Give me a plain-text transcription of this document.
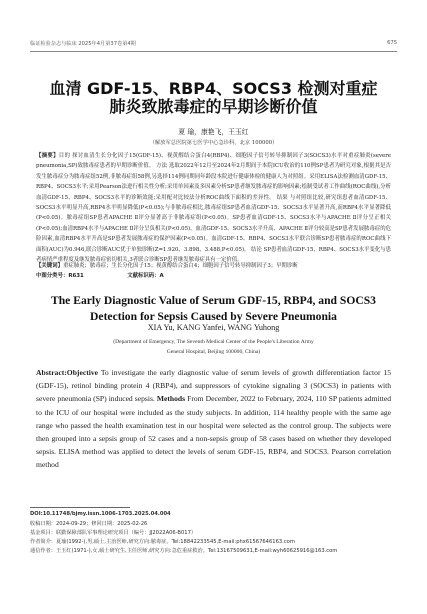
临证检验杂志与临床 2025年4月第37卷第4期	675
血清 GDF-15、RBP4、SOCS3 检测对重症
肺炎致脓毒症的早期诊断价值
夏 瑜，康艳飞，王玉红
（解放军总医院第七医学中心急诊科，北京 100000）
【摘要】目的 探讨血清生长分化因子15(GDF-15)、视黄醇结合蛋白4(RBP4)、细胞因子信号转导抑制因子3(SOCS3)水平对重症肺炎(severe pneumonia,SP)致脓毒症患者的早期诊断价值。 方法 选取2022年12月至2024年2月期间于本院ICU收治的110例SP患者为研究对象,根据其是否发生脓毒症分为脓毒症组52例,非脓毒症组58例,另选择114例同期同年龄段本院进行健康体检的健康人为对照组。采用ELISA法检测血清GDF-15、RBP4、SOCS3水平;采用Pearson法进行相关性分析;采用单因素及多因素分析SP患者继发脓毒症的影响因素;绘制受试者工作曲线(ROC曲线),分析血清GDF-15、RBP4、SOCS3水平的诊断效能;采用配对比较法分析ROC曲线下面积的差异性。 结果 与对照组比较,研究组患者血清GDF-15、SOCS3水平明显升高,RBP4水平明显降低(P<0.05);与非脓毒症相比,脓毒症组SP患者血清GDF-15、SOCS3水平显著升高,而RBP4水平显著降低(P<0.05)。脓毒症组SP患者APACHE Ⅱ评分显著高于非脓毒症组(P<0.05)。SP患者血清GDF-15、SOCS3水平与APACHE Ⅱ评分呈正相关(P<0.05);血清RBP4水平与APACHE Ⅱ评分呈负相关(P<0.05)。血清GDF-15、SOCS3水平升高、APACHE Ⅱ评分较高是SP患者发展脓毒症的危险因素,血清RBP4水平升高是SP患者发展脓毒症的保护因素(P<0.05)。血清GDF-15、RBP4、SOCS3水平联合诊断SP患者脓毒症的ROC曲线下面积(AUC)为0.946,联合诊断AUC优于单独诊断(Z=1.920、3.898、3.488,P<0.05)。 结论 SP患者血清GDF-15、RBP4、SOCS3水平变化与患者病情严重程度及继发脓毒症密切相关,3者联合诊断SP患者继发脓毒症具有一定价值。
【关键词】重症肺炎；脓毒症；生长分化因子15；视黄醇结合蛋白4；细胞因子信号转导抑制因子3；早期诊断
中图分类号：R631	文献标识码：A
The Early Diagnostic Value of Serum GDF-15, RBP4, and SOCS3
Detection for Sepsis Caused by Severe Pneumonia
XIA Yu, KANG Yanfei, WANG Yuhong
(Department of Emergency, The Seventh Medical Center of the People's Liberation Army
General Hospital, Beijing 100000, China)
Abstract:Objective To investigate the early diagnostic value of serum levels of growth differentiation factor 15 (GDF-15), retinol binding protein 4 (RBP4), and suppressors of cytokine signaling 3 (SOCS3) in patients with severe pneumonia (SP) induced sepsis. Methods From December, 2022 to February, 2024, 110 SP patients admitted to the ICU of our hospital were included as the study subjects. In addition, 114 healthy people with the same age range who passed the health examination test in our hospital were selected as the control group. The subjects were then grouped into a sepsis group of 52 cases and a non-sepsis group of 58 cases based on whether they developed sepsis. ELISA method was applied to detect the levels of serum GDF-15, RBP4, and SOCS3. Pearson correlation method
DOI:10.11748/bjmy.issn.1006-1703.2025.04.004
收稿日期：2024-09-29；修回日期：2025-02-26
基金项目：联勤保障部队军事理论研究项目（编号：JJ2022A06-B017）
作者简介：夏瑜(1992-),男,硕士,主治医师,研究方向:脓毒症。Tel:18842233545,E-mail:phx61567646163.com
通信作者：王玉红(1971-),女,硕士研究生,主任医师,研究方向:急危重症救治。Tel:13167509631,E-mail:wyh60625916@163.com
